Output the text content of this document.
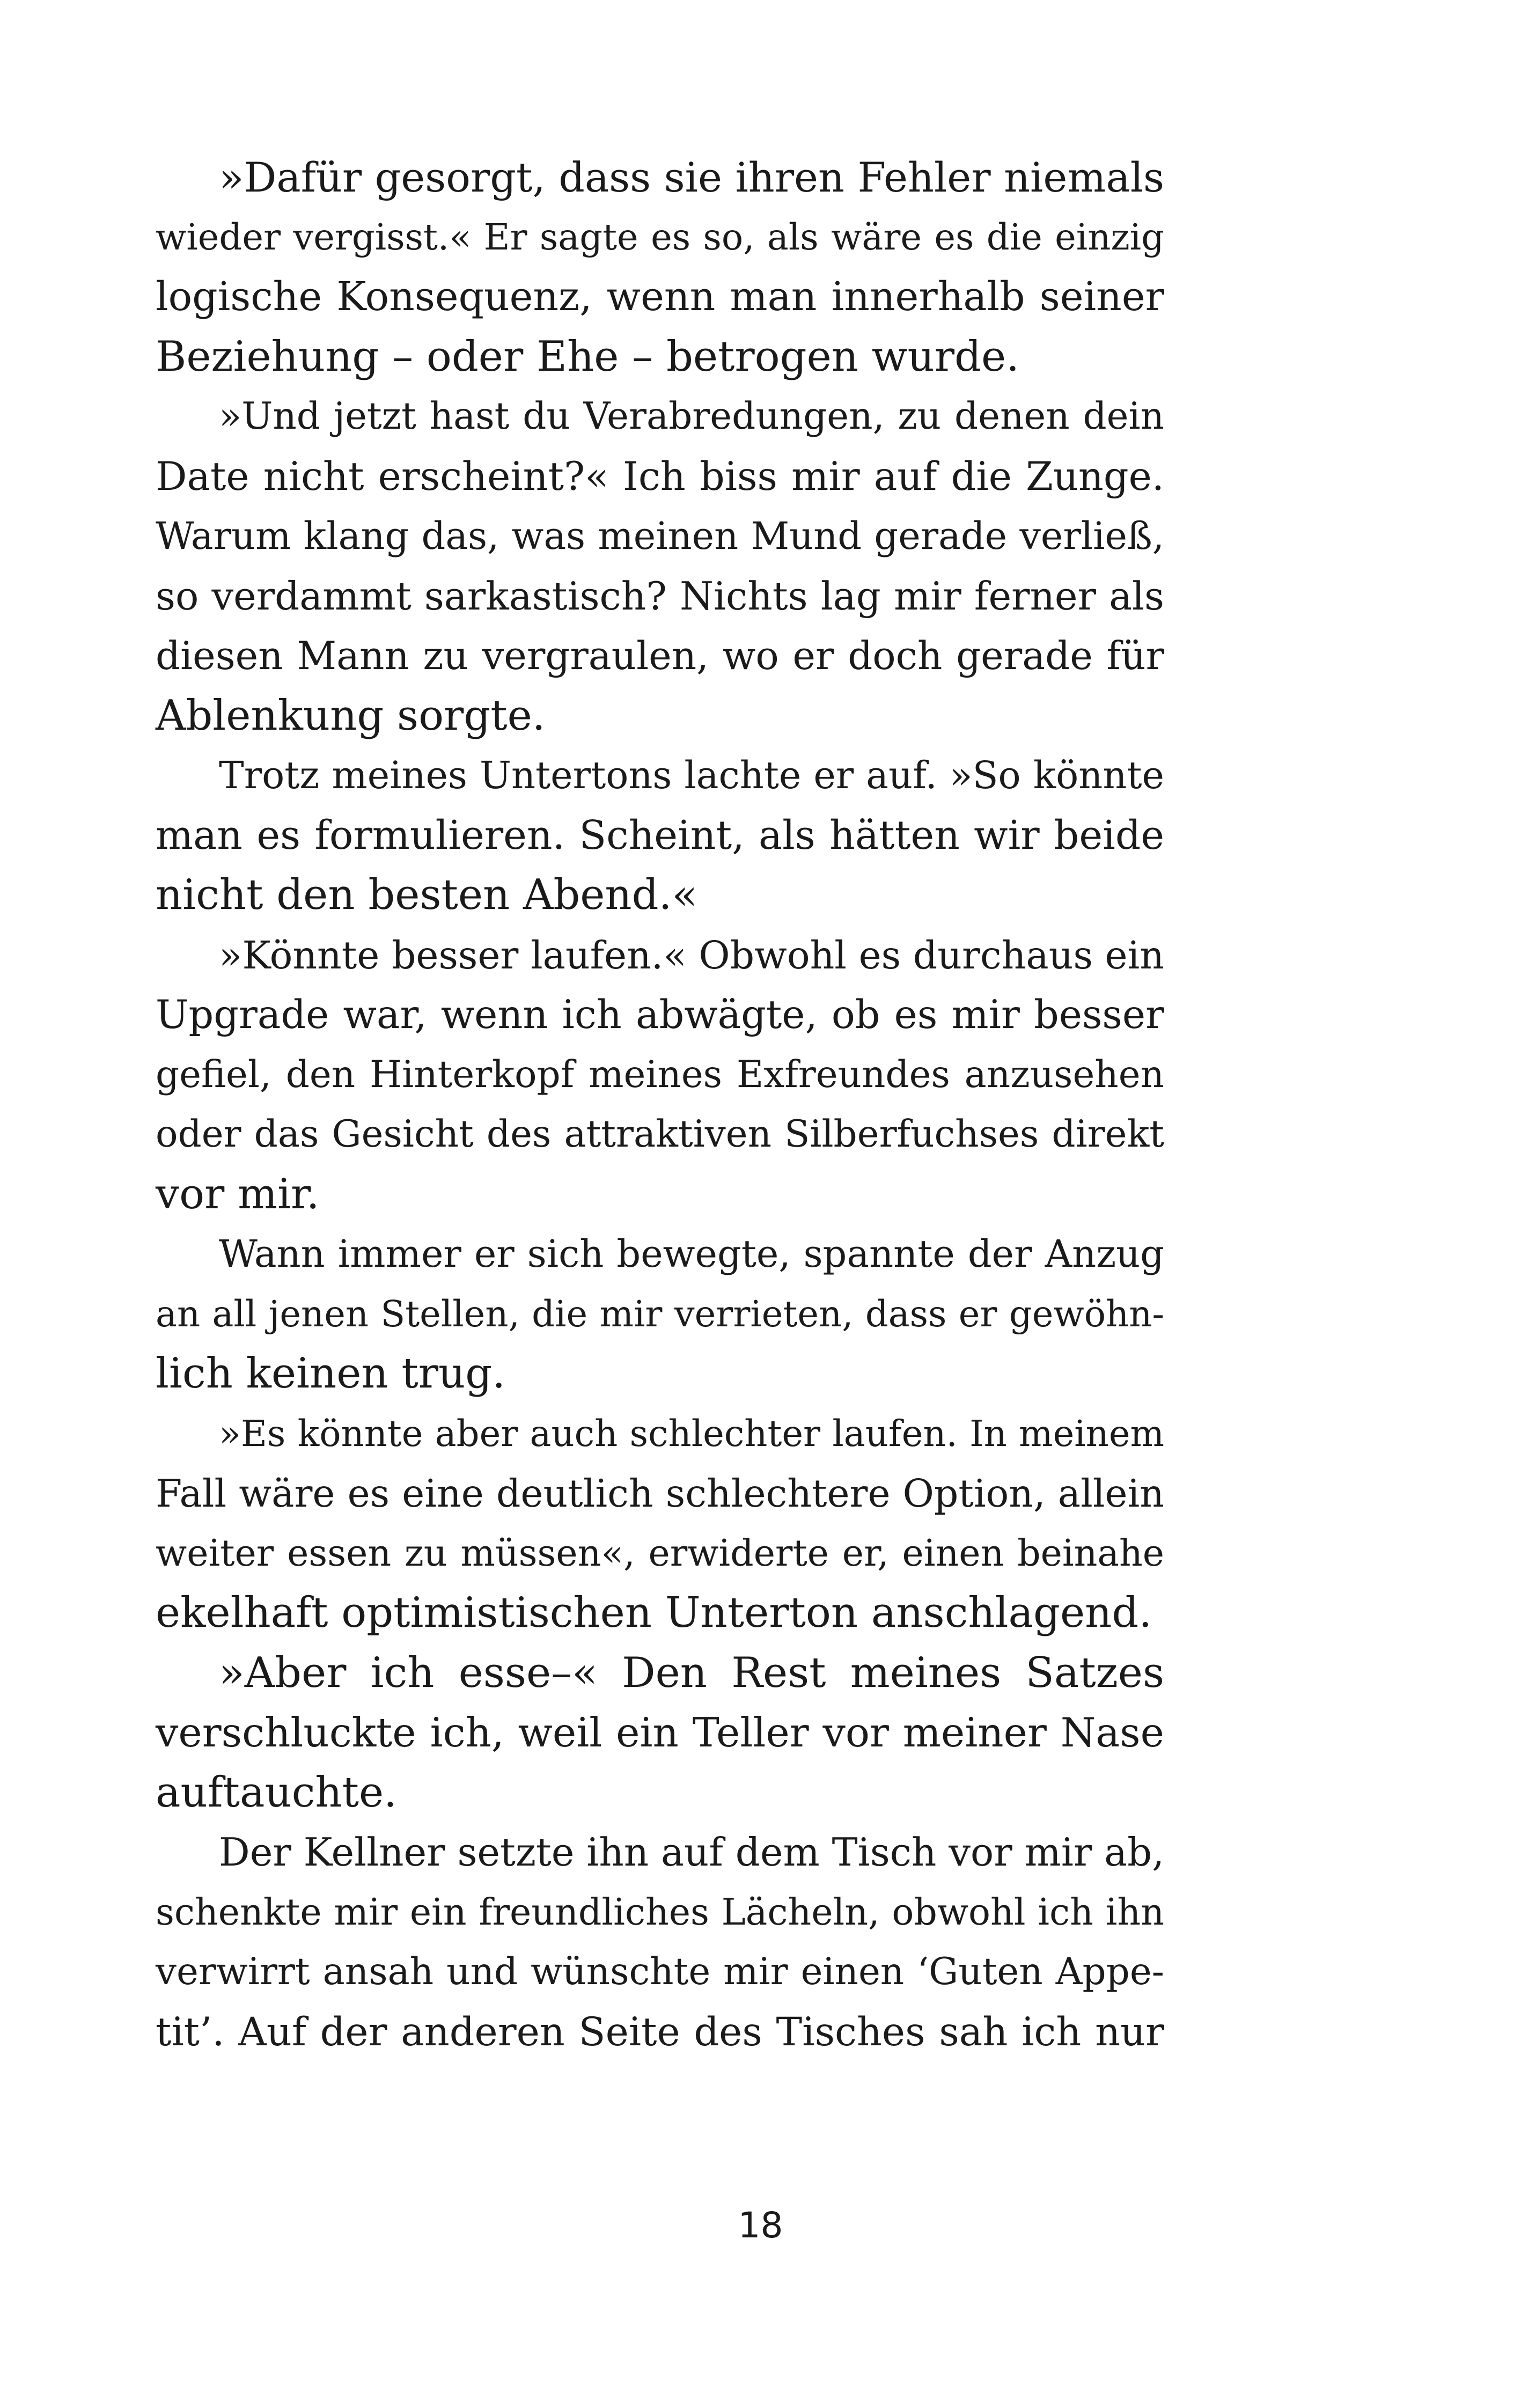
»Dafür gesorgt, dass sie ihren Fehler niemals
wieder vergisst.« Er sagte es so, als wäre es die einzig
logische Konsequenz, wenn man innerhalb seiner
Beziehung – oder Ehe – betrogen wurde.
»Und jetzt hast du Verabredungen, zu denen dein
Date nicht erscheint?« Ich biss mir auf die Zunge.
Warum klang das, was meinen Mund gerade verließ,
so verdammt sarkastisch? Nichts lag mir ferner als
diesen Mann zu vergraulen, wo er doch gerade für
Ablenkung sorgte.
Trotz meines Untertons lachte er auf. »So könnte
man es formulieren. Scheint, als hätten wir beide
nicht den besten Abend.«
»Könnte besser laufen.« Obwohl es durchaus ein
Upgrade war, wenn ich abwägte, ob es mir besser
gefiel, den Hinterkopf meines Exfreundes anzusehen
oder das Gesicht des attraktiven Silberfuchses direkt
vor mir.
Wann immer er sich bewegte, spannte der Anzug
an all jenen Stellen, die mir verrieten, dass er gewöhn-
lich keinen trug.
»Es könnte aber auch schlechter laufen. In meinem
Fall wäre es eine deutlich schlechtere Option, allein
weiter essen zu müssen«, erwiderte er, einen beinahe
ekelhaft optimistischen Unterton anschlagend.
»Aber ich esse–« Den Rest meines Satzes
verschluckte ich, weil ein Teller vor meiner Nase
auftauchte.
Der Kellner setzte ihn auf dem Tisch vor mir ab,
schenkte mir ein freundliches Lächeln, obwohl ich ihn
verwirrt ansah und wünschte mir einen ‘Guten Appe-
tit’. Auf der anderen Seite des Tisches sah ich nur
18
